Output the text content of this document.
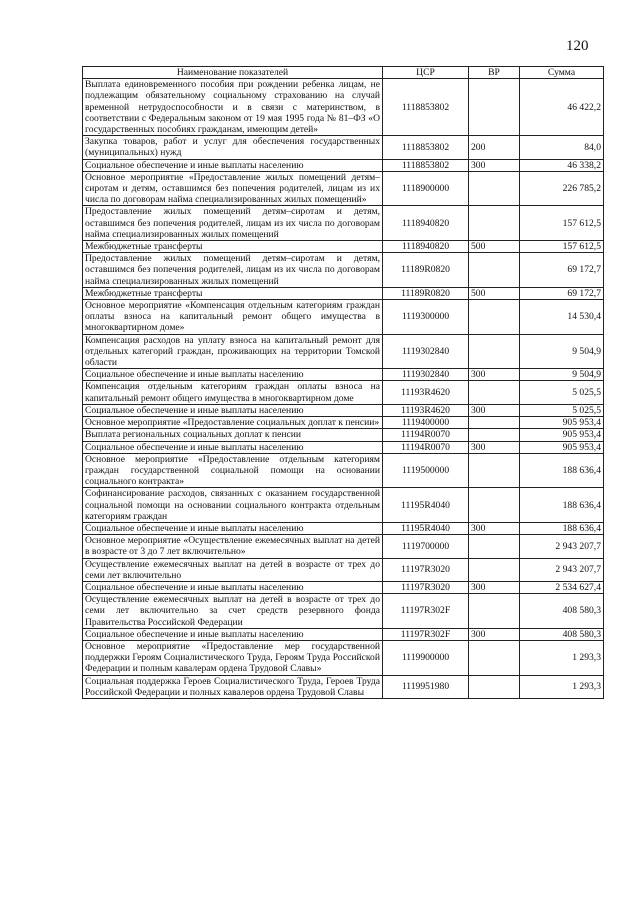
120
Наименование показателей	ЦСР	ВР	Сумма
Выплата единовременного пособия при рождении ребенка лицам, не подлежащим обязательному социальному страхованию на случай временной нетрудоспособности и в связи с материнством, в соответствии с Федеральным законом от 19 мая 1995 года № 81–ФЗ «О государственных пособиях гражданам, имеющим детей»	1118853802		46 422,2
Закупка товаров, работ и услуг для обеспечения государственных (муниципальных) нужд	1118853802	200	84,0
Социальное обеспечение и иные выплаты населению	1118853802	300	46 338,2
Основное мероприятие «Предоставление жилых помещений детям–сиротам и детям, оставшимся без попечения родителей, лицам из их числа по договорам найма специализированных жилых помещений»	1118900000		226 785,2
Предоставление жилых помещений детям–сиротам и детям, оставшимся без попечения родителей, лицам из их числа по договорам найма специализированных жилых помещений	1118940820		157 612,5
Межбюджетные трансферты	1118940820	500	157 612,5
Предоставление жилых помещений детям–сиротам и детям, оставшимся без попечения родителей, лицам из их числа по договорам найма специализированных жилых помещений	11189R0820		69 172,7
Межбюджетные трансферты	11189R0820	500	69 172,7
Основное мероприятие «Компенсация отдельным категориям граждан оплаты взноса на капитальный ремонт общего имущества в многоквартирном доме»	1119300000		14 530,4
Компенсация расходов на уплату взноса на капитальный ремонт для отдельных категорий граждан, проживающих на территории Томской области	1119302840		9 504,9
Социальное обеспечение и иные выплаты населению	1119302840	300	9 504,9
Компенсация отдельным категориям граждан оплаты взноса на капитальный ремонт общего имущества в многоквартирном доме	11193R4620		5 025,5
Социальное обеспечение и иные выплаты населению	11193R4620	300	5 025,5
Основное мероприятие «Предоставление социальных доплат к пенсии»	1119400000		905 953,4
Выплата региональных социальных доплат к пенсии	11194R0070		905 953,4
Социальное обеспечение и иные выплаты населению	11194R0070	300	905 953,4
Основное мероприятие «Предоставление отдельным категориям граждан государственной социальной помощи на основании социального контракта»	1119500000		188 636,4
Софинансирование расходов, связанных с оказанием государственной социальной помощи на основании социального контракта отдельным категориям граждан	11195R4040		188 636,4
Социальное обеспечение и иные выплаты населению	11195R4040	300	188 636,4
Основное мероприятие «Осуществление ежемесячных выплат на детей в возрасте от 3 до 7 лет включительно»	1119700000		2 943 207,7
Осуществление ежемесячных выплат на детей в возрасте от трех до семи лет включительно	11197R3020		2 943 207,7
Социальное обеспечение и иные выплаты населению	11197R3020	300	2 534 627,4
Осуществление ежемесячных выплат на детей в возрасте от трех до семи лет включительно за счет средств резервного фонда Правительства Российской Федерации	11197R302F		408 580,3
Социальное обеспечение и иные выплаты населению	11197R302F	300	408 580,3
Основное мероприятие «Предоставление мер государственной поддержки Героям Социалистического Труда, Героям Труда Российской Федерации и полным кавалерам ордена Трудовой Славы»	1119900000		1 293,3
Социальная поддержка Героев Социалистического Труда, Героев Труда Российской Федерации и полных кавалеров ордена Трудовой Славы	1119951980		1 293,3
